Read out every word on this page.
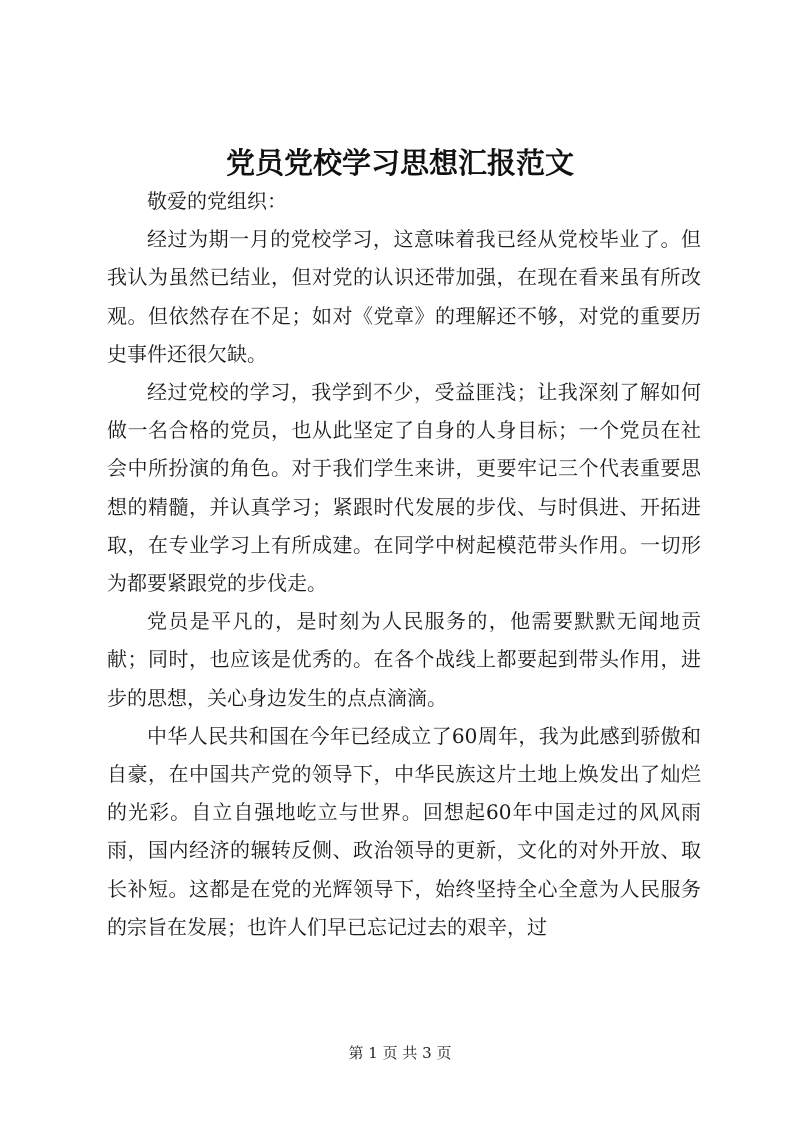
党员党校学习思想汇报范文

敬爱的党组织：

经过为期一月的党校学习，这意味着我已经从党校毕业了。但我认为虽然已结业，但对党的认识还带加强，在现在看来虽有所改观。但依然存在不足；如对《党章》的理解还不够，对党的重要历史事件还很欠缺。

经过党校的学习，我学到不少，受益匪浅；让我深刻了解如何做一名合格的党员，也从此坚定了自身的人身目标；一个党员在社会中所扮演的角色。对于我们学生来讲，更要牢记三个代表重要思想的精髓，并认真学习；紧跟时代发展的步伐、与时俱进、开拓进取，在专业学习上有所成建。在同学中树起模范带头作用。一切形为都要紧跟党的步伐走。

党员是平凡的，是时刻为人民服务的，他需要默默无闻地贡献；同时，也应该是优秀的。在各个战线上都要起到带头作用，进步的思想，关心身边发生的点点滴滴。

中华人民共和国在今年已经成立了60周年，我为此感到骄傲和自豪，在中国共产党的领导下，中华民族这片土地上焕发出了灿烂的光彩。自立自强地屹立与世界。回想起60年中国走过的风风雨雨，国内经济的辗转反侧、政治领导的更新，文化的对外开放、取长补短。这都是在党的光辉领导下，始终坚持全心全意为人民服务的宗旨在发展；也许人们早已忘记过去的艰辛，过

第 1 页 共 3 页
